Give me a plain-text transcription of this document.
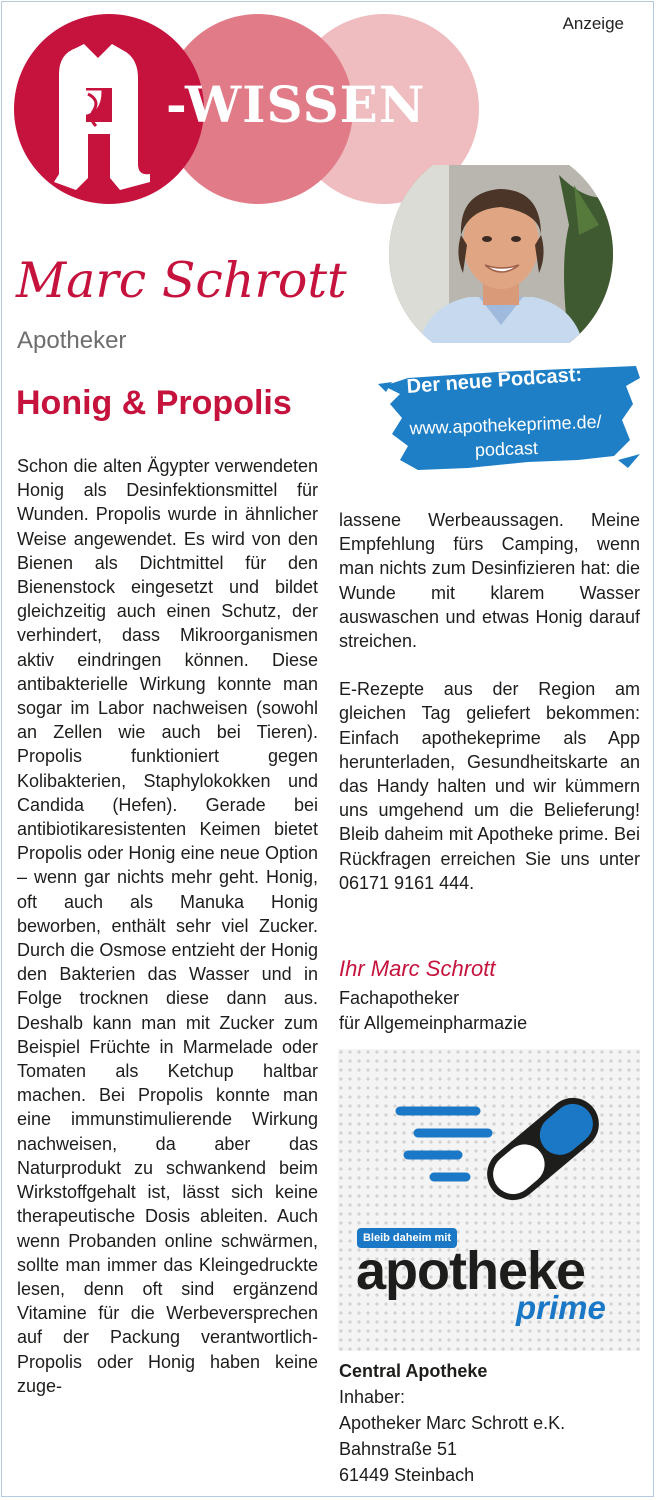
Anzeige
-WISSEN
Marc Schrott
Apotheker
Honig & Propolis
Der neue Podcast:
www.apothekeprime.de/
podcast

Schon die alten Ägypter verwendeten Honig als Desinfektionsmittel für Wunden. Propolis wurde in ähnlicher Weise angewendet. Es wird von den Bienen als Dichtmittel für den Bienenstock eingesetzt und bildet gleichzeitig auch einen Schutz, der verhindert, dass Mikroorganismen aktiv eindringen können. Diese antibakterielle Wirkung konnte man sogar im Labor nachweisen (sowohl an Zellen wie auch bei Tieren). Propolis funktioniert gegen Kolibakterien, Staphylokokken und Candida (Hefen). Gerade bei antibiotikaresistenten Keimen bietet Propolis oder Honig eine neue Option – wenn gar nichts mehr geht. Honig, oft auch als Manuka Honig beworben, enthält sehr viel Zucker. Durch die Osmose entzieht der Honig den Bakterien das Wasser und in Folge trocknen diese dann aus. Deshalb kann man mit Zucker zum Beispiel Früchte in Marmelade oder Tomaten als Ketchup haltbar machen. Bei Propolis konnte man eine immunstimulierende Wirkung nachweisen, da aber das Naturprodukt zu schwankend beim Wirkstoffgehalt ist, lässt sich keine therapeutische Dosis ableiten. Auch wenn Probanden online schwärmen, sollte man immer das Kleingedruckte lesen, denn oft sind ergänzend Vitamine für die Werbeversprechen auf der Packung verantwortlich- Propolis oder Honig haben keine zuge-

lassene Werbeaussagen. Meine Empfehlung fürs Camping, wenn man nichts zum Desinfizieren hat: die Wunde mit klarem Wasser auswaschen und etwas Honig darauf streichen.

E-Rezepte aus der Region am gleichen Tag geliefert bekommen: Einfach apothekeprime als App herunterladen, Gesundheitskarte an das Handy halten und wir kümmern uns umgehend um die Belieferung! Bleib daheim mit Apotheke prime. Bei Rückfragen erreichen Sie uns unter 06171 9161 444.

Ihr Marc Schrott
Fachapotheker
für Allgemeinpharmazie
Bleib daheim mit
apotheke
prime
Central Apotheke
Inhaber:
Apotheker Marc Schrott e.K.
Bahnstraße 51
61449 Steinbach
